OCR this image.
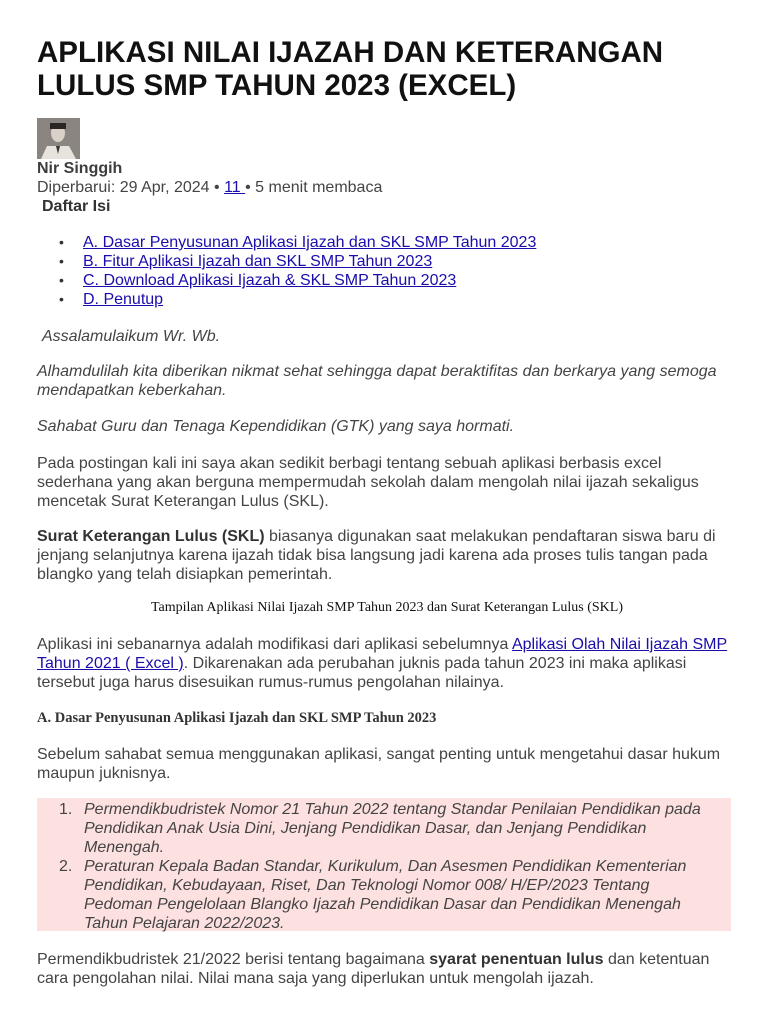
APLIKASI NILAI IJAZAH DAN KETERANGAN LULUS SMP TAHUN 2023 (EXCEL)
Nir Singgih
Diperbarui: 29 Apr, 2024 • 11 • 5 menit membaca
Daftar Isi
• A. Dasar Penyusunan Aplikasi Ijazah dan SKL SMP Tahun 2023
• B. Fitur Aplikasi Ijazah dan SKL SMP Tahun 2023
• C. Download Aplikasi Ijazah & SKL SMP Tahun 2023
• D. Penutup

Assalamulaikum Wr. Wb.

Alhamdulilah kita diberikan nikmat sehat sehingga dapat beraktifitas dan berkarya yang semoga mendapatkan keberkahan.

Sahabat Guru dan Tenaga Kependidikan (GTK) yang saya hormati.

Pada postingan kali ini saya akan sedikit berbagi tentang sebuah aplikasi berbasis excel sederhana yang akan berguna mempermudah sekolah dalam mengolah nilai ijazah sekaligus mencetak Surat Keterangan Lulus (SKL).

Surat Keterangan Lulus (SKL) biasanya digunakan saat melakukan pendaftaran siswa baru di jenjang selanjutnya karena ijazah tidak bisa langsung jadi karena ada proses tulis tangan pada blangko yang telah disiapkan pemerintah.

Tampilan Aplikasi Nilai Ijazah SMP Tahun 2023 dan Surat Keterangan Lulus (SKL)

Aplikasi ini sebanarnya adalah modifikasi dari aplikasi sebelumnya Aplikasi Olah Nilai Ijazah SMP Tahun 2021 ( Excel ). Dikarenakan ada perubahan juknis pada tahun 2023 ini maka aplikasi tersebut juga harus disesuikan rumus-rumus pengolahan nilainya.

A. Dasar Penyusunan Aplikasi Ijazah dan SKL SMP Tahun 2023

Sebelum sahabat semua menggunakan aplikasi, sangat penting untuk mengetahui dasar hukum maupun juknisnya.

1. Permendikbudristek Nomor 21 Tahun 2022 tentang Standar Penilaian Pendidikan pada Pendidikan Anak Usia Dini, Jenjang Pendidikan Dasar, dan Jenjang Pendidikan Menengah.
2. Peraturan Kepala Badan Standar, Kurikulum, Dan Asesmen Pendidikan Kementerian Pendidikan, Kebudayaan, Riset, Dan Teknologi Nomor 008/ H/EP/2023 Tentang Pedoman Pengelolaan Blangko Ijazah Pendidikan Dasar dan Pendidikan Menengah Tahun Pelajaran 2022/2023.

Permendikbudristek 21/2022 berisi tentang bagaimana syarat penentuan lulus dan ketentuan cara pengolahan nilai. Nilai mana saja yang diperlukan untuk mengolah ijazah.
